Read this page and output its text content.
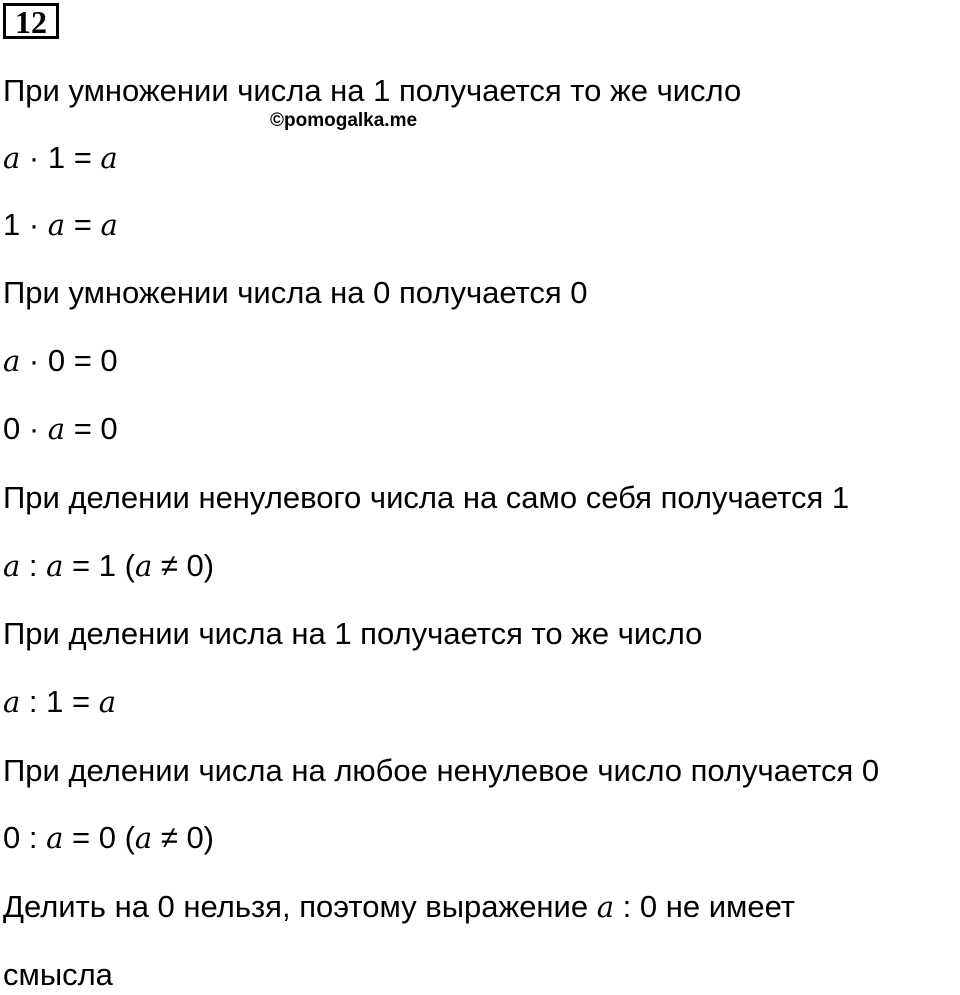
12
©pomogalka.me
При умножении числа на 1 получается то же число
a · 1 = a
1 · a = a
При умножении числа на 0 получается 0
a · 0 = 0
0 · a = 0
При делении ненулевого числа на само себя получается 1
a : a = 1 (a ≠ 0)
При делении числа на 1 получается то же число
a : 1 = a
При делении числа на любое ненулевое число получается 0
0 : a = 0 (a ≠ 0)
Делить на 0 нельзя, поэтому выражение a : 0 не имеет
смысла
